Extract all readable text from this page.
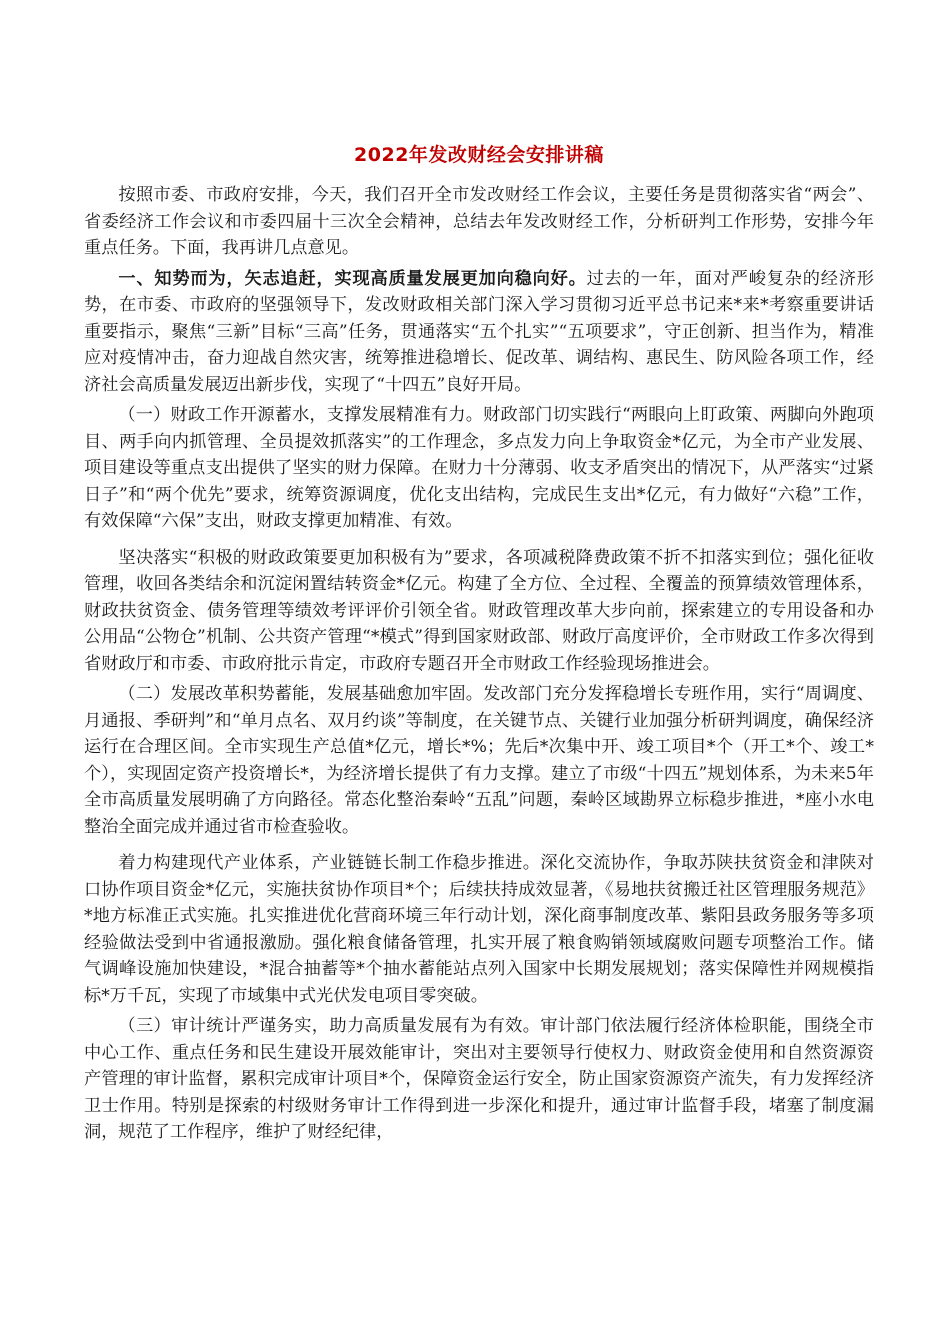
2022年发改财经会安排讲稿

按照市委、市政府安排，今天，我们召开全市发改财经工作会议，主要任务是贯彻落实省“两会”、省委经济工作会议和市委四届十三次全会精神，总结去年发改财经工作，分析研判工作形势，安排今年重点任务。下面，我再讲几点意见。

一、知势而为，矢志追赶，实现高质量发展更加向稳向好。过去的一年，面对严峻复杂的经济形势，在市委、市政府的坚强领导下，发改财政相关部门深入学习贯彻习近平总书记来*来*考察重要讲话重要指示，聚焦“三新”目标“三高”任务，贯通落实“五个扎实”“五项要求”，守正创新、担当作为，精准应对疫情冲击，奋力迎战自然灾害，统筹推进稳增长、促改革、调结构、惠民生、防风险各项工作，经济社会高质量发展迈出新步伐，实现了“十四五”良好开局。

（一）财政工作开源蓄水，支撑发展精准有力。财政部门切实践行“两眼向上盯政策、两脚向外跑项目、两手向内抓管理、全员提效抓落实”的工作理念，多点发力向上争取资金*亿元，为全市产业发展、项目建设等重点支出提供了坚实的财力保障。在财力十分薄弱、收支矛盾突出的情况下，从严落实“过紧日子”和“两个优先”要求，统筹资源调度，优化支出结构，完成民生支出*亿元，有力做好“六稳”工作，有效保障“六保”支出，财政支撑更加精准、有效。

坚决落实“积极的财政政策要更加积极有为”要求，各项减税降费政策不折不扣落实到位；强化征收管理，收回各类结余和沉淀闲置结转资金*亿元。构建了全方位、全过程、全覆盖的预算绩效管理体系，财政扶贫资金、债务管理等绩效考评评价引领全省。财政管理改革大步向前，探索建立的专用设备和办公用品“公物仓”机制、公共资产管理“*模式”得到国家财政部、财政厅高度评价，全市财政工作多次得到省财政厅和市委、市政府批示肯定，市政府专题召开全市财政工作经验现场推进会。

（二）发展改革积势蓄能，发展基础愈加牢固。发改部门充分发挥稳增长专班作用，实行“周调度、月通报、季研判”和“单月点名、双月约谈”等制度，在关键节点、关键行业加强分析研判调度，确保经济运行在合理区间。全市实现生产总值*亿元，增长*%；先后*次集中开、竣工项目*个（开工*个、竣工*个），实现固定资产投资增长*，为经济增长提供了有力支撑。建立了市级“十四五”规划体系，为未来5年全市高质量发展明确了方向路径。常态化整治秦岭“五乱”问题，秦岭区域勘界立标稳步推进，*座小水电整治全面完成并通过省市检查验收。

着力构建现代产业体系，产业链链长制工作稳步推进。深化交流协作，争取苏陕扶贫资金和津陕对口协作项目资金*亿元，实施扶贫协作项目*个；后续扶持成效显著，《易地扶贫搬迁社区管理服务规范》*地方标准正式实施。扎实推进优化营商环境三年行动计划，深化商事制度改革、紫阳县政务服务等多项经验做法受到中省通报激励。强化粮食储备管理，扎实开展了粮食购销领域腐败问题专项整治工作。储气调峰设施加快建设，*混合抽蓄等*个抽水蓄能站点列入国家中长期发展规划；落实保障性并网规模指标*万千瓦，实现了市域集中式光伏发电项目零突破。

（三）审计统计严谨务实，助力高质量发展有为有效。审计部门依法履行经济体检职能，围绕全市中心工作、重点任务和民生建设开展效能审计，突出对主要领导行使权力、财政资金使用和自然资源资产管理的审计监督，累积完成审计项目*个，保障资金运行安全，防止国家资源资产流失，有力发挥经济卫士作用。特别是探索的村级财务审计工作得到进一步深化和提升，通过审计监督手段，堵塞了制度漏洞，规范了工作程序，维护了财经纪律，
